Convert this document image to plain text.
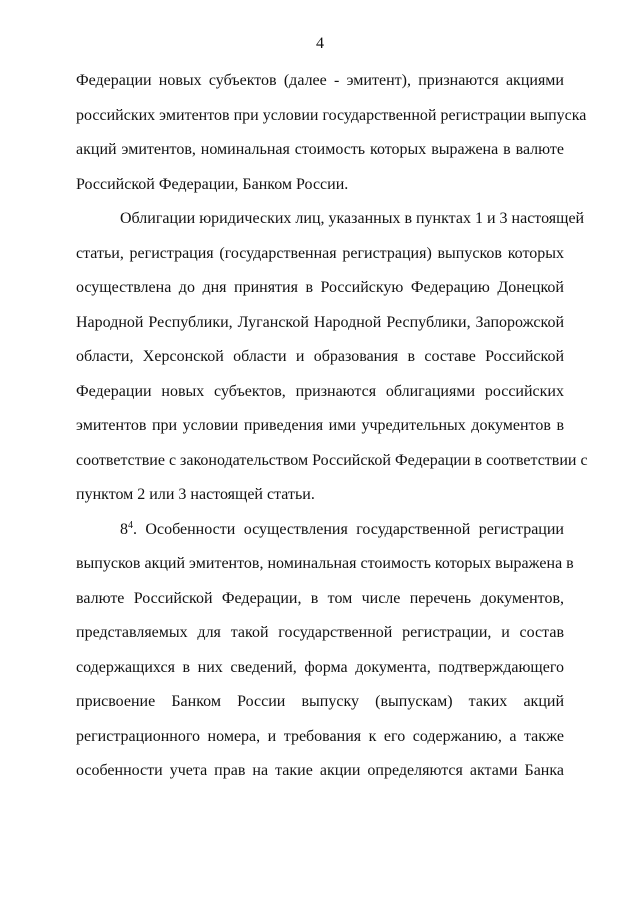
4
Федерации новых субъектов (далее - эмитент), признаются акциями
российских эмитентов при условии государственной регистрации выпуска
акций эмитентов, номинальная стоимость которых выражена в валюте
Российской Федерации, Банком России.
Облигации юридических лиц, указанных в пунктах 1 и 3 настоящей
статьи, регистрация (государственная регистрация) выпусков которых
осуществлена до дня принятия в Российскую Федерацию Донецкой
Народной Республики, Луганской Народной Республики, Запорожской
области, Херсонской области и образования в составе Российской
Федерации новых субъектов, признаются облигациями российских
эмитентов при условии приведения ими учредительных документов в
соответствие с законодательством Российской Федерации в соответствии с
пунктом 2 или 3 настоящей статьи.
$8^4$. Особенности осуществления государственной регистрации
выпусков акций эмитентов, номинальная стоимость которых выражена в
валюте Российской Федерации, в том числе перечень документов,
представляемых для такой государственной регистрации, и состав
содержащихся в них сведений, форма документа, подтверждающего
присвоение Банком России выпуску (выпускам) таких акций
регистрационного номера, и требования к его содержанию, а также
особенности учета прав на такие акции определяются актами Банка
